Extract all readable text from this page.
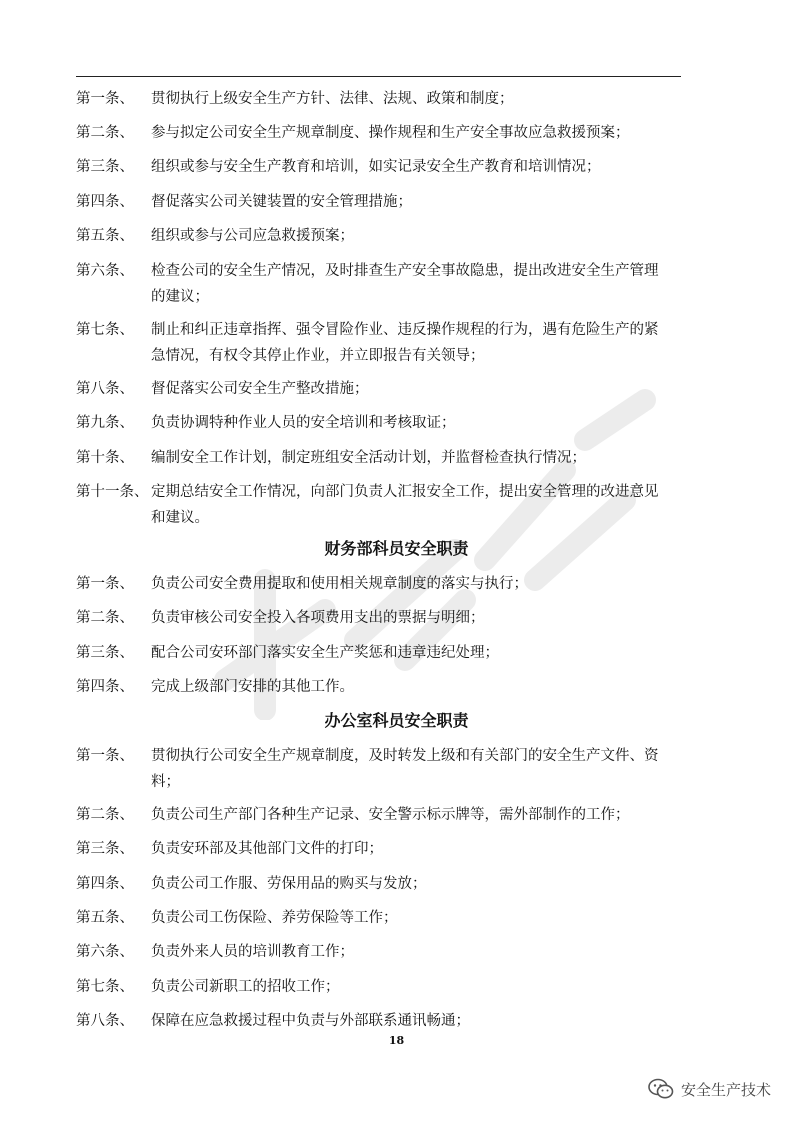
第一条、 贯彻执行上级安全生产方针、法律、法规、政策和制度；
第二条、 参与拟定公司安全生产规章制度、操作规程和生产安全事故应急救援预案；
第三条、 组织或参与安全生产教育和培训，如实记录安全生产教育和培训情况；
第四条、 督促落实公司关键装置的安全管理措施；
第五条、 组织或参与公司应急救援预案；
第六条、 检查公司的安全生产情况，及时排查生产安全事故隐患，提出改进安全生产管理
的建议；
第七条、 制止和纠正违章指挥、强令冒险作业、违反操作规程的行为，遇有危险生产的紧
急情况，有权令其停止作业，并立即报告有关领导；
第八条、 督促落实公司安全生产整改措施；
第九条、 负责协调特种作业人员的安全培训和考核取证；
第十条、 编制安全工作计划，制定班组安全活动计划，并监督检查执行情况；
第十一条、 定期总结安全工作情况，向部门负责人汇报安全工作，提出安全管理的改进意见
和建议。
财务部科员安全职责
第一条、 负责公司安全费用提取和使用相关规章制度的落实与执行；
第二条、 负责审核公司安全投入各项费用支出的票据与明细；
第三条、 配合公司安环部门落实安全生产奖惩和违章违纪处理；
第四条、 完成上级部门安排的其他工作。
办公室科员安全职责
第一条、 贯彻执行公司安全生产规章制度，及时转发上级和有关部门的安全生产文件、资
料；
第二条、 负责公司生产部门各种生产记录、安全警示标示牌等，需外部制作的工作；
第三条、 负责安环部及其他部门文件的打印；
第四条、 负责公司工作服、劳保用品的购买与发放；
第五条、 负责公司工伤保险、养劳保险等工作；
第六条、 负责外来人员的培训教育工作；
第七条、 负责公司新职工的招收工作；
第八条、 保障在应急救援过程中负责与外部联系通讯畅通；
18
安全生产技术
